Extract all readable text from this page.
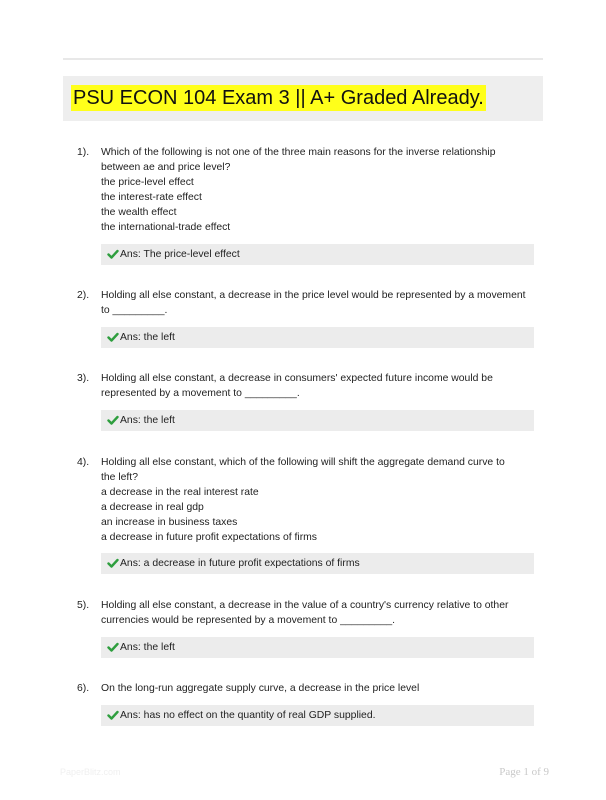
PSU ECON 104 Exam 3 || A+ Graded Already.
1). Which of the following is not one of the three main reasons for the inverse relationship
between ae and price level?
the price-level effect
the interest-rate effect
the wealth effect
the international-trade effect
Ans: The price-level effect
2). Holding all else constant, a decrease in the price level would be represented by a movement
to _________.
Ans: the left
3). Holding all else constant, a decrease in consumers' expected future income would be
represented by a movement to _________.
Ans: the left
4). Holding all else constant, which of the following will shift the aggregate demand curve to
the left?
a decrease in the real interest rate
a decrease in real gdp
an increase in business taxes
a decrease in future profit expectations of firms
Ans: a decrease in future profit expectations of firms
5). Holding all else constant, a decrease in the value of a country's currency relative to other
currencies would be represented by a movement to _________.
Ans: the left
6). On the long-run aggregate supply curve, a decrease in the price level
Ans: has no effect on the quantity of real GDP supplied.
PaperBlitz.com	Page 1 of 9
